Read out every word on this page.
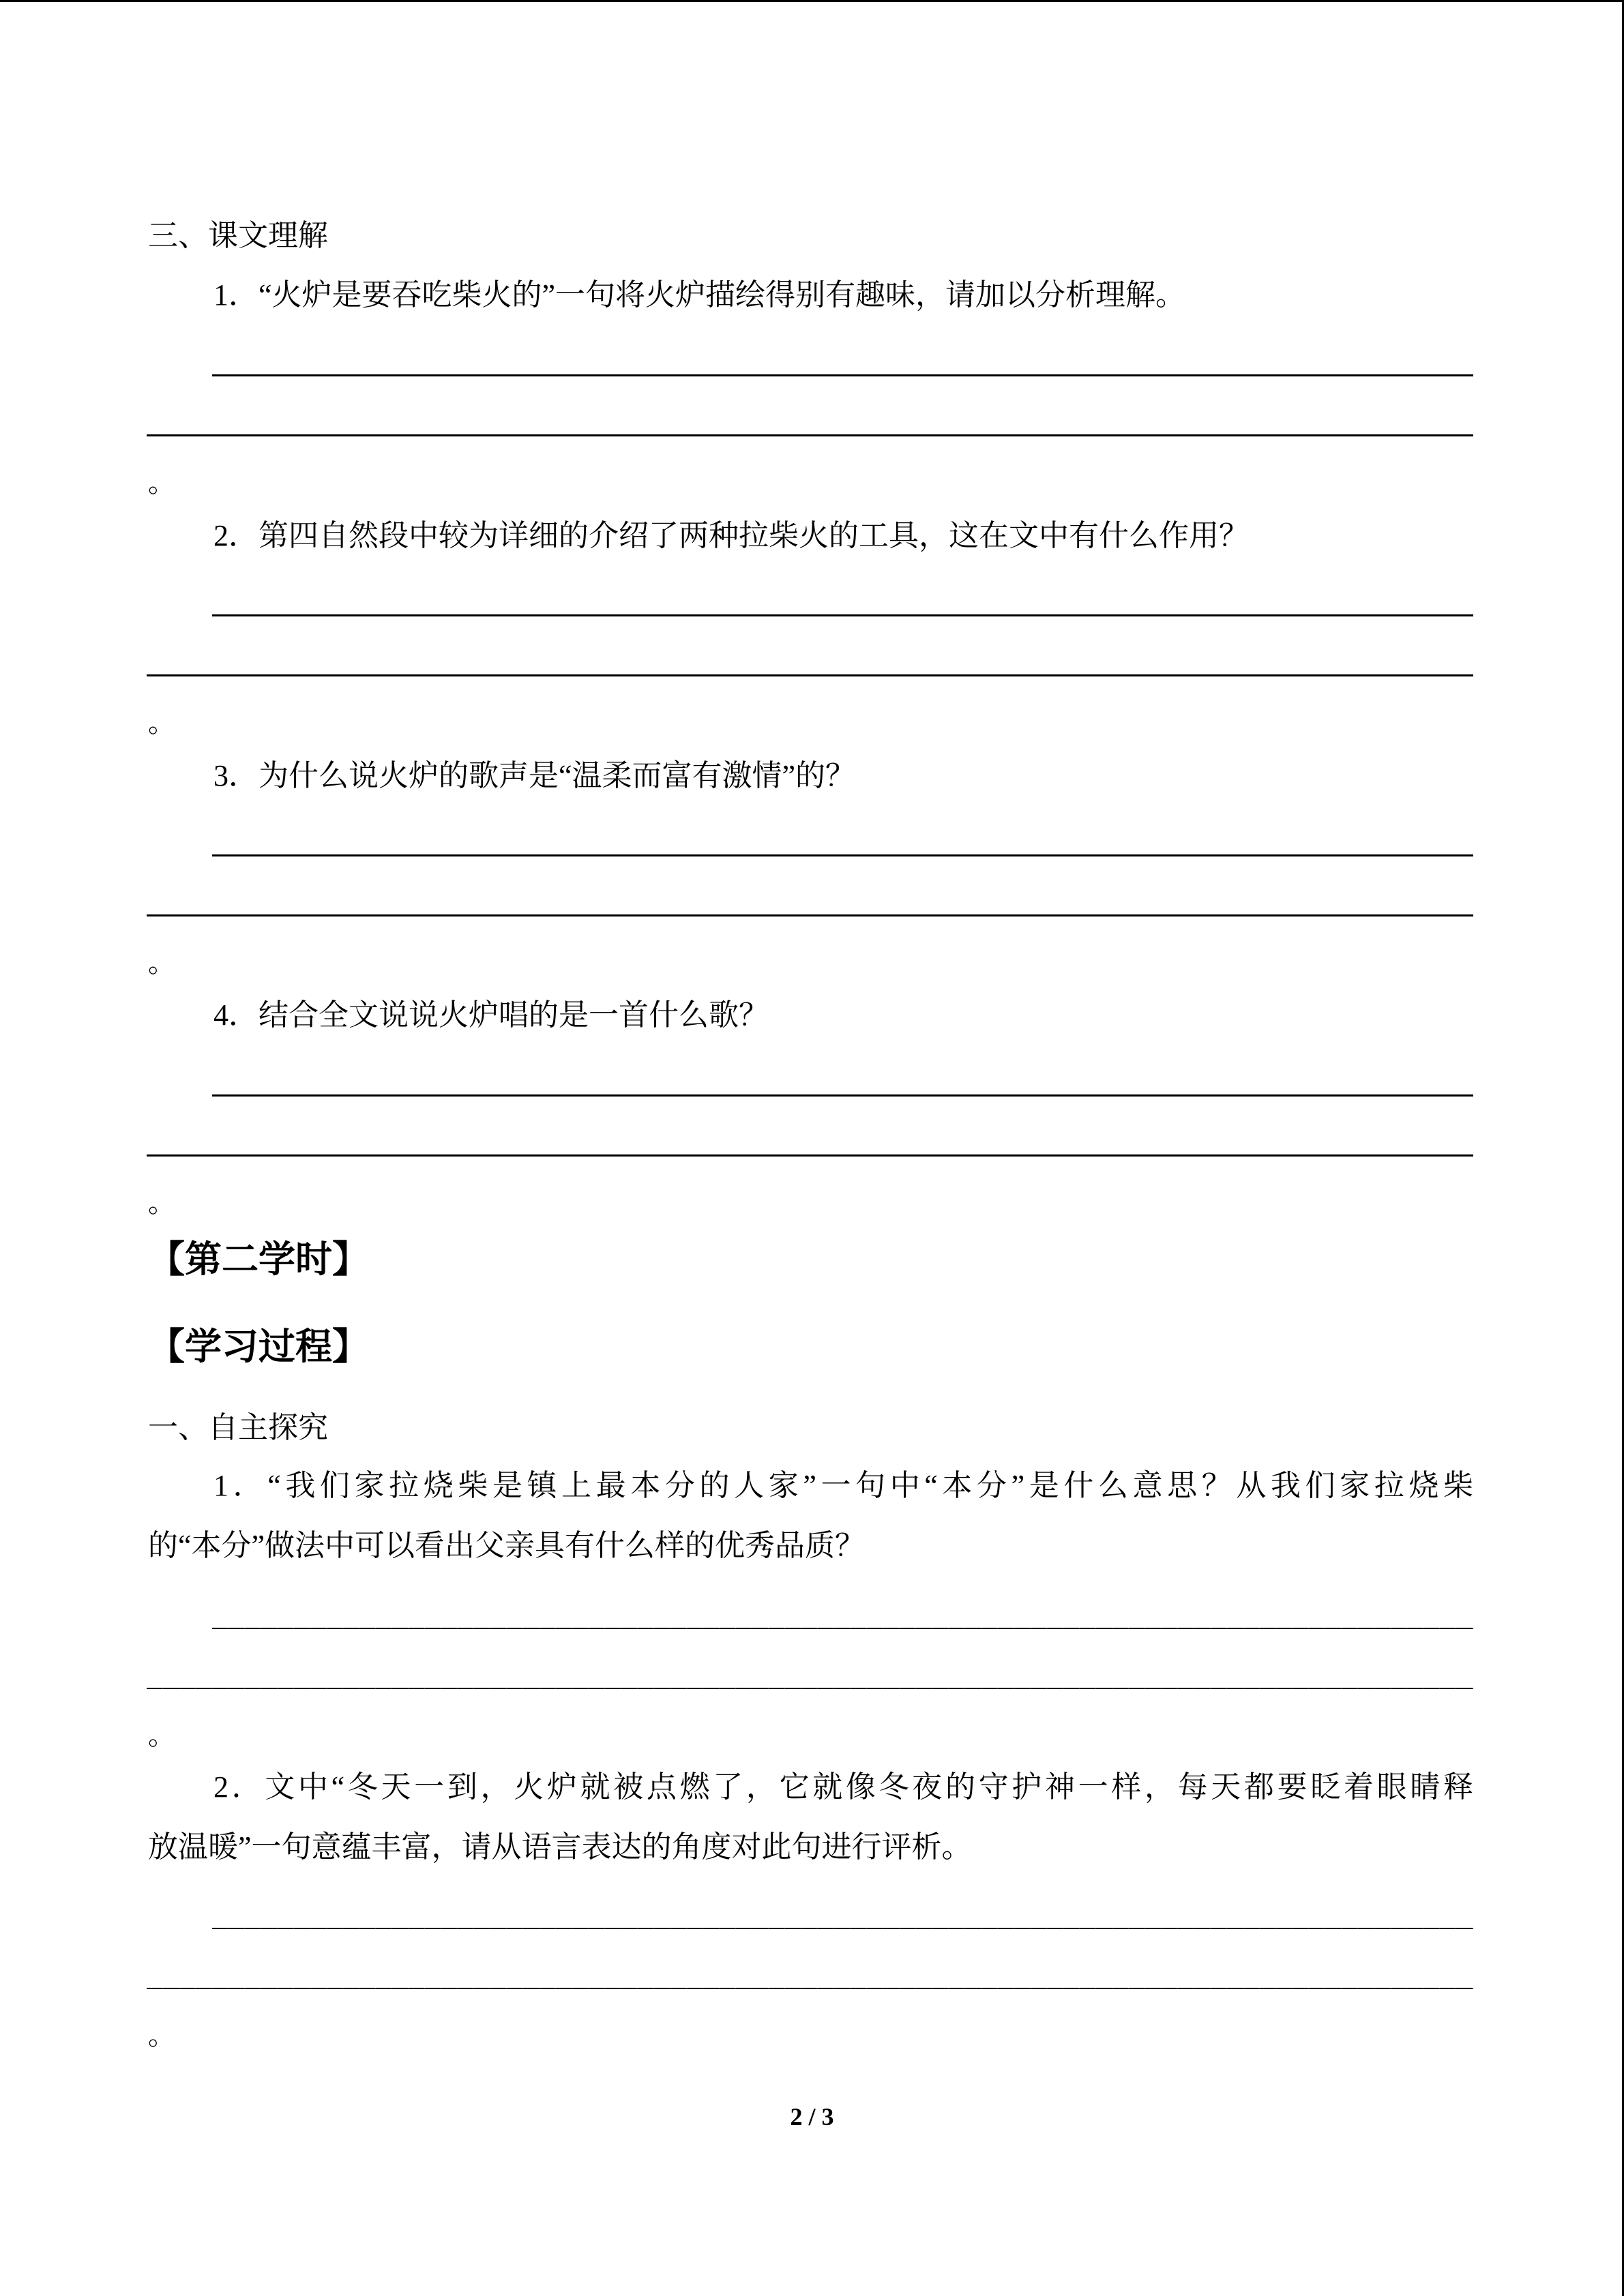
三、课文理解
1．“火炉是要吞吃柴火的”一句将火炉描绘得别有趣味，请加以分析理解。
。
2．第四自然段中较为详细的介绍了两种拉柴火的工具，这在文中有什么作用？
。
3．为什么说火炉的歌声是“温柔而富有激情”的？
。
4．结合全文说说火炉唱的是一首什么歌？
。
【第二学时】
【学习过程】
一、自主探究
1．“我们家拉烧柴是镇上最本分的人家”一句中“本分”是什么意思？从我们家拉烧柴
的“本分”做法中可以看出父亲具有什么样的优秀品质？
。
2．文中“冬天一到，火炉就被点燃了，它就像冬夜的守护神一样，每天都要眨着眼睛释
放温暖”一句意蕴丰富，请从语言表达的角度对此句进行评析。
。
2 / 3
